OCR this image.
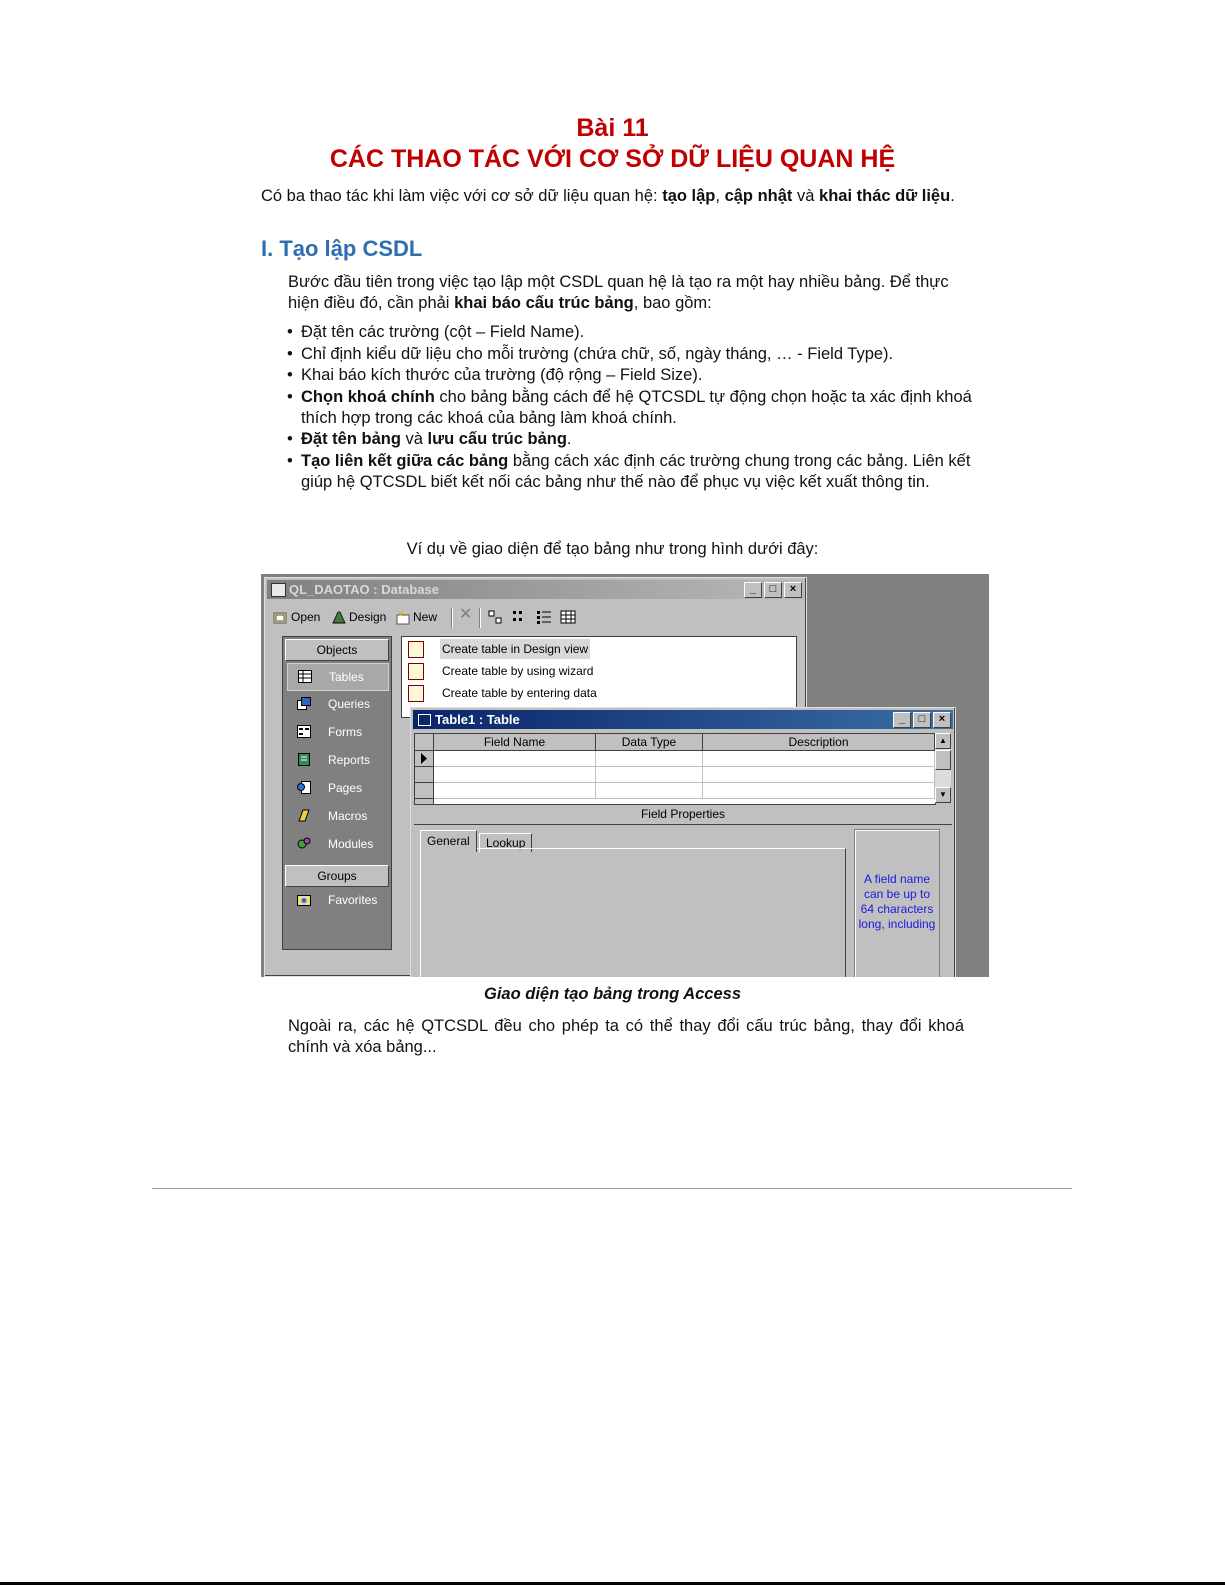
Bài 11
CÁC THAO TÁC VỚI CƠ SỞ DỮ LIỆU QUAN HỆ
Có ba thao tác khi làm việc với cơ sở dữ liệu quan hệ: tạo lập, cập nhật và khai thác dữ liệu.
I. Tạo lập CSDL
Bước đầu tiên trong việc tạo lập một CSDL quan hệ là tạo ra một hay nhiều bảng. Để thực hiện điều đó, cần phải khai báo cấu trúc bảng, bao gồm:
• Đặt tên các trường (cột – Field Name).
• Chỉ định kiểu dữ liệu cho mỗi trường (chứa chữ, số, ngày tháng, … - Field Type).
• Khai báo kích thước của trường (độ rộng – Field Size).
• Chọn khoá chính cho bảng bằng cách để hệ QTCSDL tự động chọn hoặc ta xác định khoá thích hợp trong các khoá của bảng làm khoá chính.
• Đặt tên bảng và lưu cấu trúc bảng.
• Tạo liên kết giữa các bảng bằng cách xác định các trường chung trong các bảng. Liên kết giúp hệ QTCSDL biết kết nối các bảng như thế nào để phục vụ việc kết xuất thông tin.
Ví dụ về giao diện để tạo bảng như trong hình dưới đây:
QL_DAOTAO : Database	_ □ ×
Open	Design	New ✕
Objects
Tables
Queries
Forms
Reports
Pages
Macros
Modules
Groups
Favorites
Create table in Design view
Create table by using wizard
Create table by entering data
Table1 : Table	_ □ ×
Field Name	Data Type	Description	▲
▼
Field Properties
General	Lookup
A field name can be up to 64 characters long, including
Giao diện tạo bảng trong Access
Ngoài ra, các hệ QTCSDL đều cho phép ta có thể thay đổi cấu trúc bảng, thay đổi khoá chính và xóa bảng...
